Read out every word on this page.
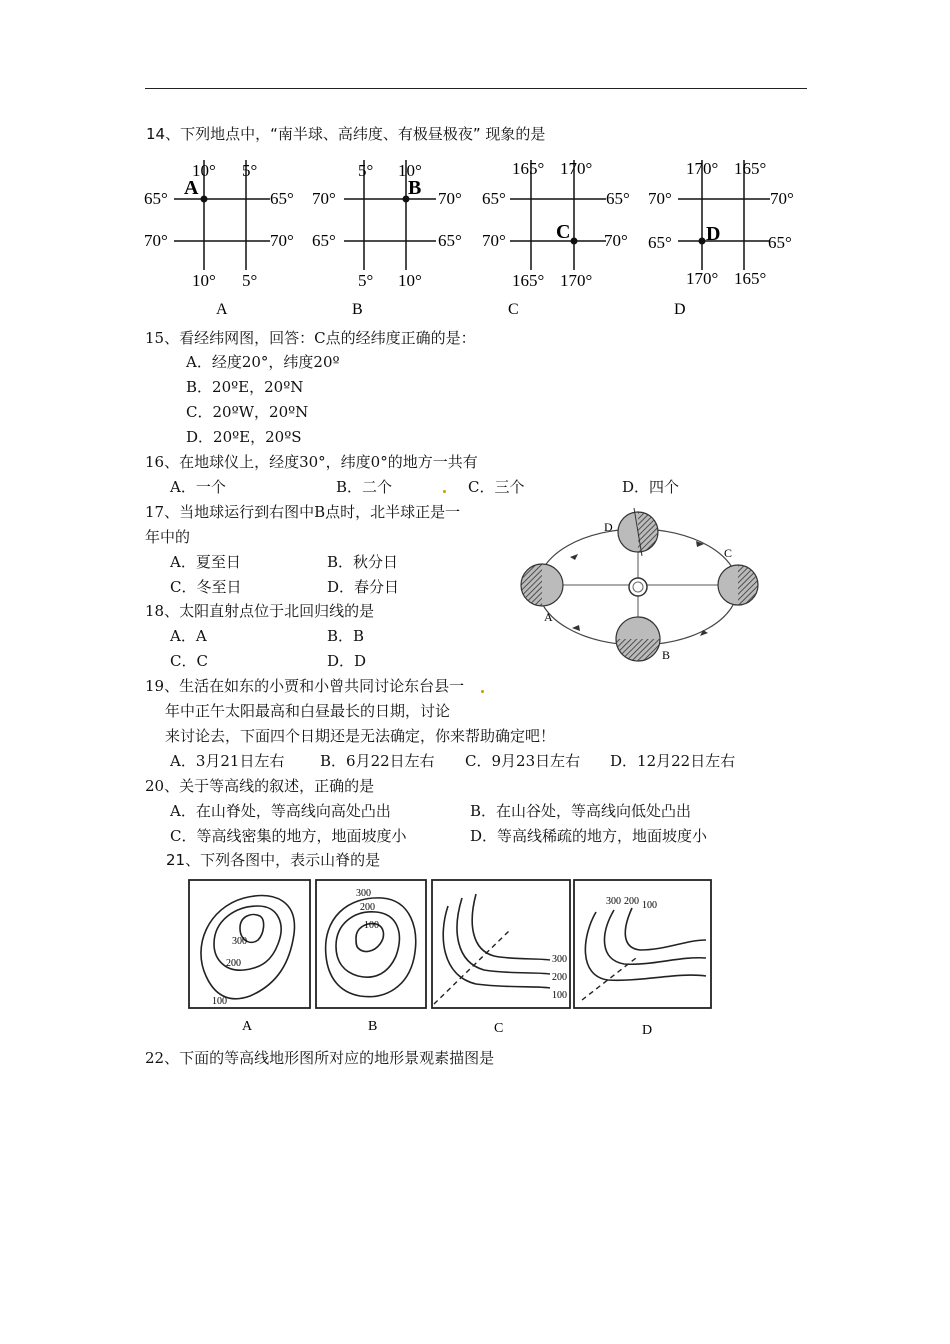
14、下列地点中，“南半球、高纬度、有极昼极夜” 现象的是
A
10° 5°
10° 5°
65°	65°
70°	70°
A
B
5° 10°
5° 10°
70°	70°
65°	65°
B
C
165° 170°
165° 170°
65°	65°
70°	70°
C
D
170° 165°
170° 165°
70°	70°
65°	65°
D
15、看经纬网图，回答：C点的经纬度正确的是：
A．经度20°，纬度20º
B．20ºE，20ºN
C．20ºW，20ºN
D．20ºE，20ºS
16、在地球仪上，经度30°，纬度0°的地方一共有
A．一个	B．二个	C．三个	D．四个
17、当地球运行到右图中B点时，北半球正是一
年中的
A．夏至日	B．秋分日
C．冬至日	D．春分日
18、太阳直射点位于北回归线的是
A．A	B．B
C．C	D．D
D
C
A
B
19、生活在如东的小贾和小曾共同讨论东台县一
年中正午太阳最高和白昼最长的日期，讨论
来讨论去，下面四个日期还是无法确定，你来帮助确定吧！
A．3月21日左右 B．6月22日左右 C．9月23日左右 D．12月22日左右
20、关于等高线的叙述，正确的是
A．在山脊处，等高线向高处凸出	B．在山谷处，等高线向低处凸出
C．等高线密集的地方，地面坡度小	D．等高线稀疏的地方，地面坡度小
21、下列各图中，表示山脊的是
300
200
100
300
200
100
300
200
100
300 200 100
A	B	C	D
22、下面的等高线地形图所对应的地形景观素描图是
